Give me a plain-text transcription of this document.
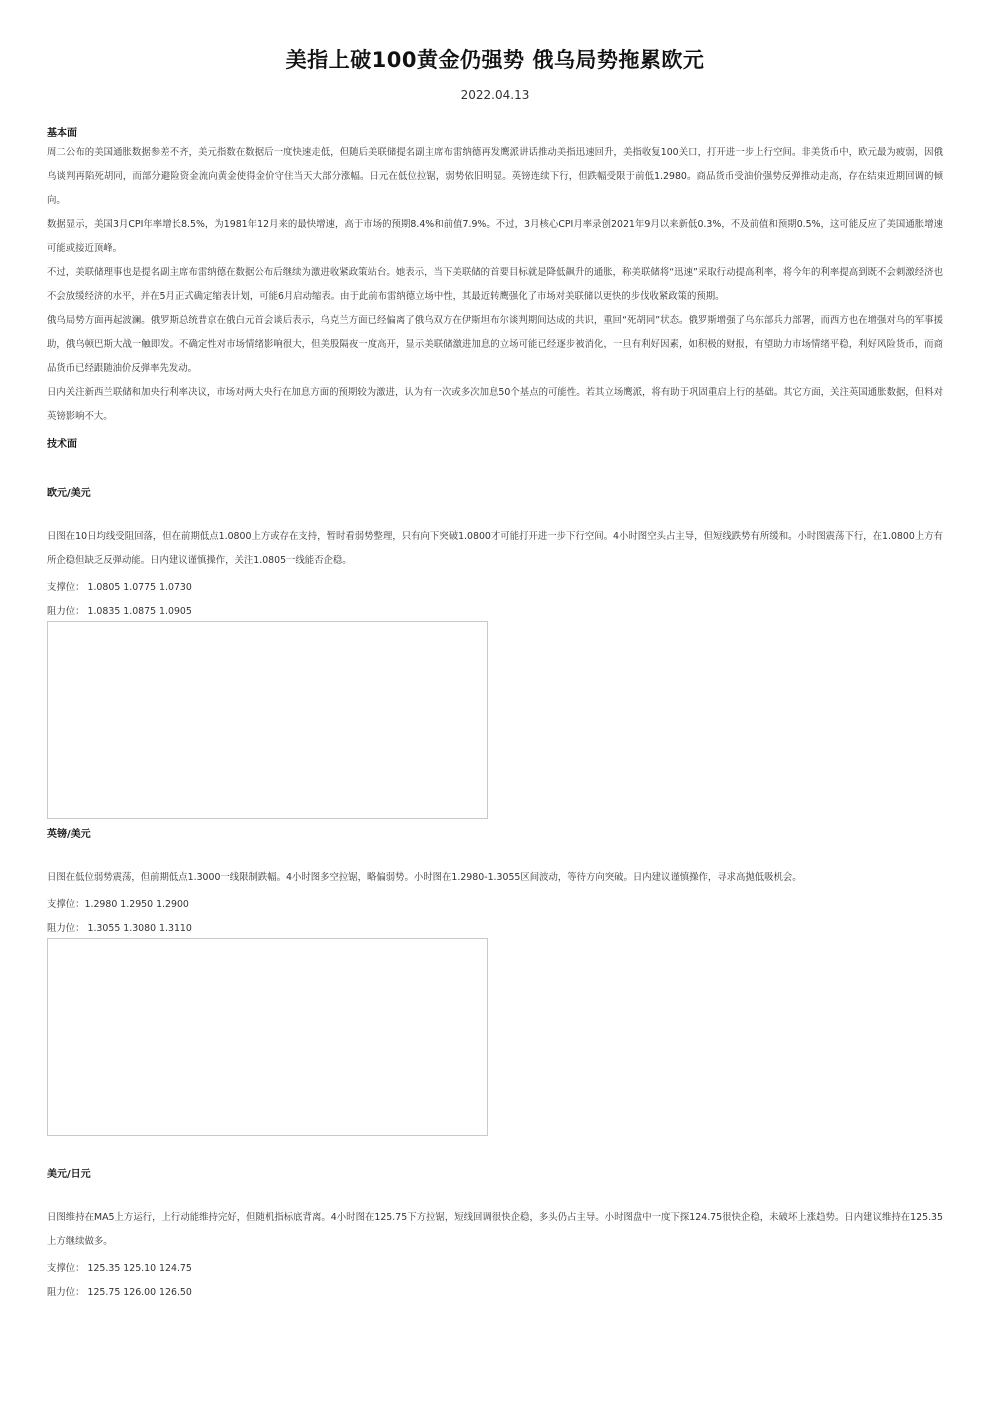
美指上破100黄金仍强势 俄乌局势拖累欧元
2022.04.13
基本面
周二公布的美国通胀数据参差不齐，美元指数在数据后一度快速走低，但随后美联储提名副主席布雷纳德再发鹰派讲话推动美指迅速回升，美指收复100关口，打开进一步上行空间。非美货币中，欧元最为疲弱，因俄乌谈判再陷死胡同，而部分避险资金流向黄金使得金价守住当天大部分涨幅。日元在低位拉锯，弱势依旧明显。英镑连续下行，但跌幅受限于前低1.2980。商品货币受油价强势反弹推动走高，存在结束近期回调的倾向。
数据显示，美国3月CPI年率增长8.5%，为1981年12月来的最快增速，高于市场的预期8.4%和前值7.9%。不过，3月核心CPI月率录创2021年9月以来新低0.3%，不及前值和预期0.5%，这可能反应了美国通胀增速可能或接近顶峰。
不过，美联储理事也是提名副主席布雷纳德在数据公布后继续为激进收紧政策站台。她表示，当下美联储的首要目标就是降低飙升的通胀，称美联储将“迅速”采取行动提高利率，将今年的利率提高到既不会刺激经济也不会放缓经济的水平，并在5月正式确定缩表计划，可能6月启动缩表。由于此前布雷纳德立场中性，其最近转鹰强化了市场对美联储以更快的步伐收紧政策的预期。
俄乌局势方面再起波澜。俄罗斯总统普京在俄白元首会谈后表示，乌克兰方面已经偏离了俄乌双方在伊斯坦布尔谈判期间达成的共识，重回“死胡同”状态。俄罗斯增强了乌东部兵力部署，而西方也在增强对乌的军事援助，俄乌顿巴斯大战一触即发。不确定性对市场情绪影响很大，但美股隔夜一度高开，显示美联储激进加息的立场可能已经逐步被消化，一旦有利好因素，如积极的财报，有望助力市场情绪平稳，利好风险货币，而商品货币已经跟随油价反弹率先发动。
日内关注新西兰联储和加央行利率决议，市场对两大央行在加息方面的预期较为激进，认为有一次或多次加息50个基点的可能性。若其立场鹰派，将有助于巩固重启上行的基础。其它方面，关注英国通胀数据，但料对英镑影响不大。
技术面
欧元/美元
日图在10日均线受阻回落，但在前期低点1.0800上方或存在支持，暂时看弱势整理，只有向下突破1.0800才可能打开进一步下行空间。4小时图空头占主导，但短线跌势有所缓和。小时图震荡下行，在1.0800上方有所企稳但缺乏反弹动能。日内建议谨慎操作，关注1.0805一线能否企稳。
支撑位： 1.0805 1.0775 1.0730
阻力位： 1.0835 1.0875 1.0905
英镑/美元
日图在低位弱势震荡，但前期低点1.3000一线限制跌幅。4小时图多空拉锯，略偏弱势。小时图在1.2980-1.3055区间波动，等待方向突破。日内建议谨慎操作，寻求高抛低吸机会。
支撑位：1.2980 1.2950 1.2900
阻力位： 1.3055 1.3080 1.3110
美元/日元
日图维持在MA5上方运行，上行动能维持完好，但随机指标底背离。4小时图在125.75下方拉锯，短线回调很快企稳，多头仍占主导。小时图盘中一度下探124.75很快企稳，未破坏上涨趋势。日内建议维持在125.35上方继续做多。
支撑位： 125.35 125.10 124.75
阻力位： 125.75 126.00 126.50
